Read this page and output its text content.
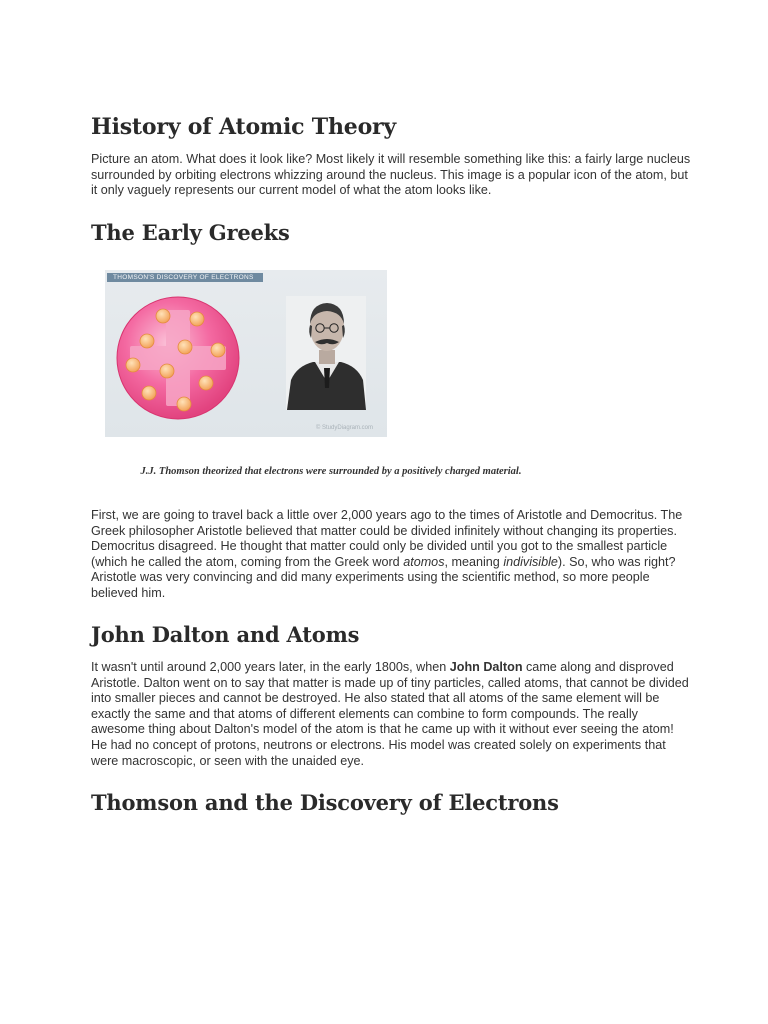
History of Atomic Theory

Picture an atom. What does it look like? Most likely it will resemble something like this: a fairly large nucleus surrounded by orbiting electrons whizzing around the nucleus. This image is a popular icon of the atom, but it only vaguely represents our current model of what the atom looks like.

The Early Greeks
THOMSON'S DISCOVERY OF ELECTRONS
© StudyDiagram.com
J.J. Thomson theorized that electrons were surrounded by a positively charged material.

First, we are going to travel back a little over 2,000 years ago to the times of Aristotle and Democritus. The Greek philosopher Aristotle believed that matter could be divided infinitely without changing its properties. Democritus disagreed. He thought that matter could only be divided until you got to the smallest particle (which he called the atom, coming from the Greek word atomos, meaning indivisible). So, who was right? Aristotle was very convincing and did many experiments using the scientific method, so more people believed him.

John Dalton and Atoms

It wasn't until around 2,000 years later, in the early 1800s, when John Dalton came along and disproved Aristotle. Dalton went on to say that matter is made up of tiny particles, called atoms, that cannot be divided into smaller pieces and cannot be destroyed. He also stated that all atoms of the same element will be exactly the same and that atoms of different elements can combine to form compounds. The really awesome thing about Dalton's model of the atom is that he came up with it without ever seeing the atom! He had no concept of protons, neutrons or electrons. His model was created solely on experiments that were macroscopic, or seen with the unaided eye.

Thomson and the Discovery of Electrons
